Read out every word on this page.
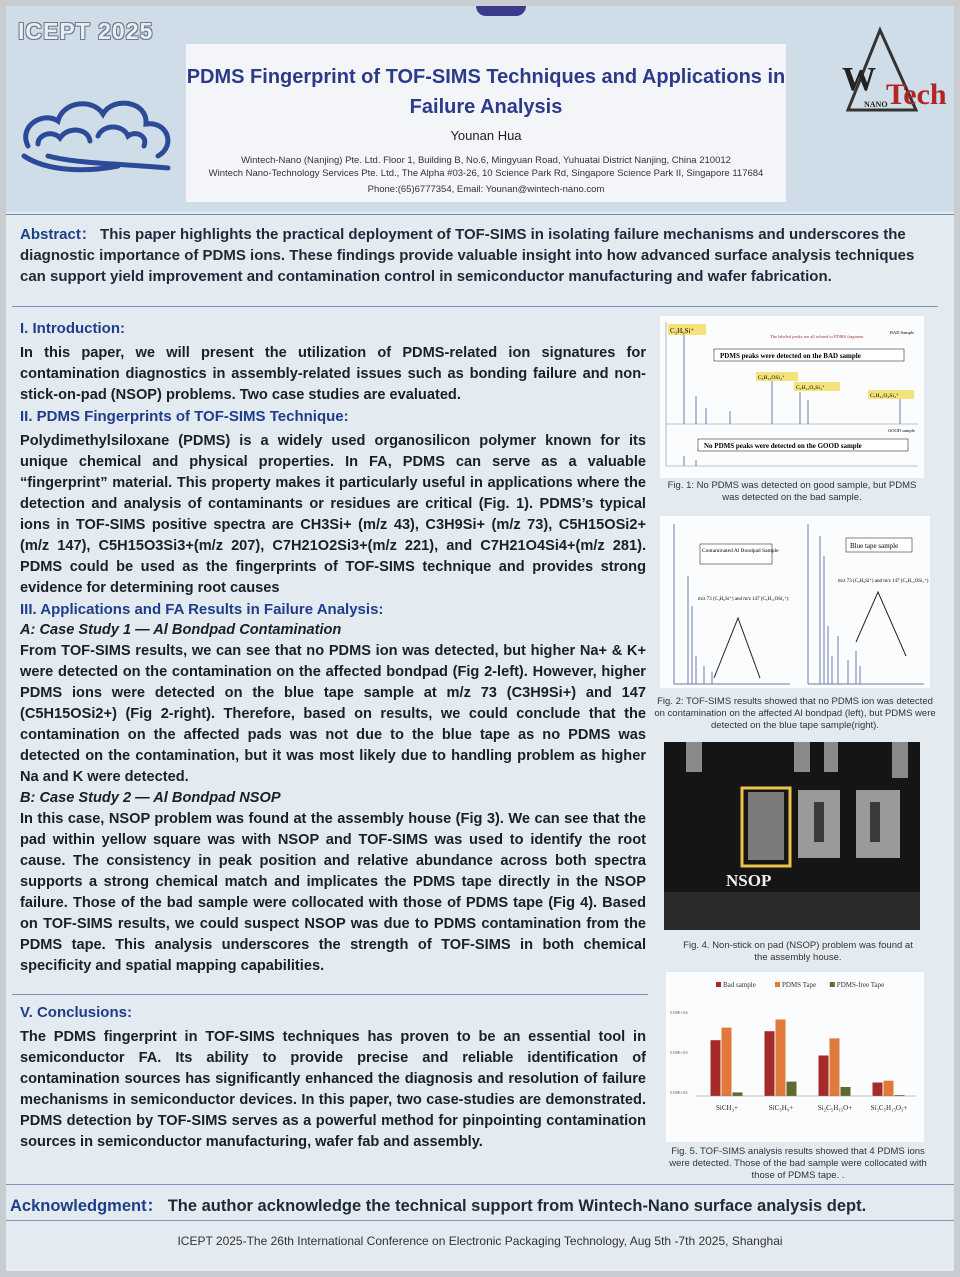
ICEPT 2025
PDMS Fingerprint of TOF-SIMS Techniques and Applications in Failure Analysis
Younan Hua
Wintech-Nano (Nanjing) Pte. Ltd. Floor 1, Building B, No.6, Mingyuan Road, Yuhuatai District Nanjing, China 210012
Wintech Nano-Technology Services Pte. Ltd., The Alpha #03-26, 10 Science Park Rd, Singapore Science Park II, Singapore 117684
Phone:(65)6777354, Email: Younan@wintech-nano.com
W Tech
NANO
Abstract： This paper highlights the practical deployment of TOF-SIMS in isolating failure mechanisms and underscores the diagnostic importance of PDMS ions. These findings provide valuable insight into how advanced surface analysis techniques can support yield improvement and contamination control in semiconductor manufacturing and wafer fabrication.
I. Introduction:

In this paper, we will present the utilization of PDMS-related ion signatures for contamination diagnostics in assembly-related issues such as bonding failure and non-stick-on-pad (NSOP) problems. Two case studies are evaluated.

II. PDMS Fingerprints of TOF-SIMS Technique:

Polydimethylsiloxane (PDMS) is a widely used organosilicon polymer known for its unique chemical and physical properties. In FA, PDMS can serve as a valuable “fingerprint” material. This property makes it particularly useful in applications where the detection and analysis of contaminants or residues are critical (Fig. 1). PDMS’s typical ions in TOF-SIMS positive spectra are CH3Si+ (m/z 43), C3H9Si+ (m/z 73), C5H15OSi2+(m/z 147), C5H15O3Si3+(m/z 207), C7H21O2Si3+(m/z 221), and C7H21O4Si4+(m/z 281). PDMS could be used as the fingerprints of TOF-SIMS technique and provides strong evidence for determining root causes

III. Applications and FA Results in Failure Analysis:
A: Case Study 1 — Al Bondpad Contamination

From TOF-SIMS results, we can see that no PDMS ion was detected, but higher Na+ & K+ were detected on the contamination on the affected bondpad (Fig 2-left). However, higher PDMS ions were detected on the blue tape sample at m/z 73 (C3H9Si+) and 147 (C5H15OSi2+) (Fig 2-right). Therefore, based on results, we could conclude that the contamination on the affected pads was not due to the blue tape as no PDMS was detected on the contamination, but it was most likely due to handling problem as higher Na and K were detected.

B: Case Study 2 — Al Bondpad NSOP

In this case, NSOP problem was found at the assembly house (Fig 3). We can see that the pad within yellow square was with NSOP and TOF-SIMS was used to identify the root cause. The consistency in peak position and relative abundance across both spectra supports a strong chemical match and implicates the PDMS tape directly in the NSOP failure. Those of the bad sample were collocated with those of PDMS tape (Fig 4). Based on TOF-SIMS results, we could suspect NSOP was due to PDMS contamination from the PDMS tape. This analysis underscores the strength of TOF-SIMS in both chemical specificity and spatial mapping capabilities.

V. Conclusions:

The PDMS fingerprint in TOF-SIMS techniques has proven to be an essential tool in semiconductor FA. Its ability to provide precise and reliable identification of contamination sources has significantly enhanced the diagnosis and resolution of failure mechanisms in semiconductor devices. In this paper, two case-studies are demonstrated. PDMS detection by TOF-SIMS serves as a powerful method for pinpointing contamination sources in semiconductor manufacturing, wafer fab and assembly.

Acknowledgment： The author acknowledge the technical support from Wintech-Nano surface analysis dept.
ICEPT 2025-The 26th International Conference on Electronic Packaging Technology, Aug 5th -7th 2025, Shanghai
C₃H₉Si⁺
The labeled peaks are all related to PDMS fragment
BAD Sample
PDMS peaks were detected on the BAD sample
C₅H₁₅OSi₂⁺
C₅H₁₅O₃Si₃⁺
C₇H₂₁O₄Si₄⁺
GOOD sample
No PDMS peaks were detected on the GOOD sample
Fig. 1: No PDMS was detected on good sample, but PDMS was detected on the bad sample.
Contaminated Al Bondpad Sample
m/z 73 (C₃H₉Si⁺) and m/z 147 (C₅H₁₅OSi₂⁺)
Blue tape sample
m/z 73 (C₃H₉Si⁺) and m/z 147 (C₅H₁₅OSi₂⁺)
Fig. 2: TOF-SIMS results showed that no PDMS ion was detected on contamination on the affected Al bondpad (left), but PDMS were detected on the blue tape sample(right).
NSOP
Fig. 4. Non-stick on pad (NSOP) problem was found at the assembly house.
Bad sample	PDMS Tape	PDMS-free Tape
5.00E+04
5.00E+03
5.00E+02
SiCH₃+	SiC₃H₉+	Si₂C₅H₁₅O+	Si₃C₅H₁₅O₃+
Fig. 5. TOF-SIMS analysis results showed that 4 PDMS ions were detected. Those of the bad sample were collocated with those of PDMS tape. .
